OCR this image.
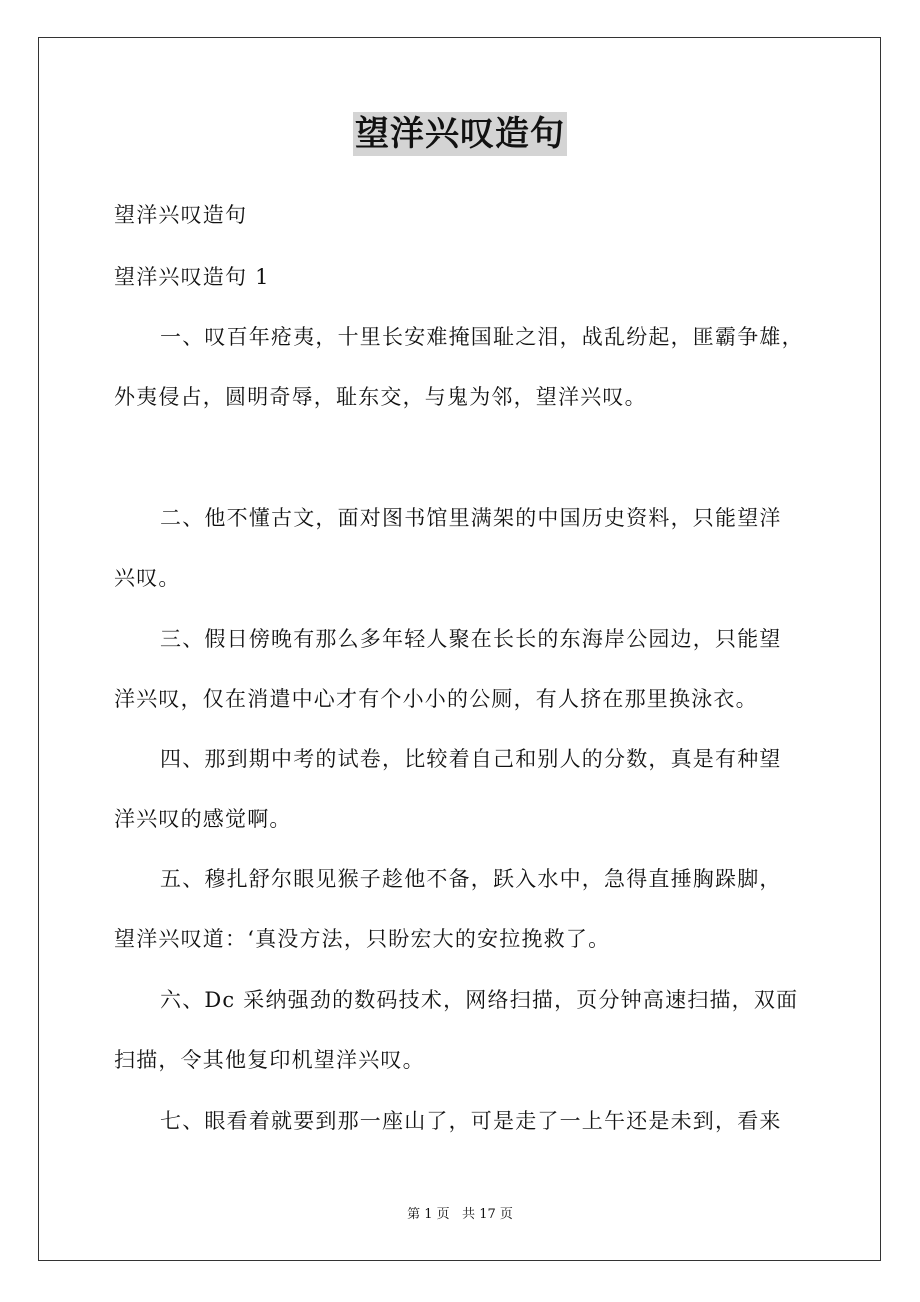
望洋兴叹造句
望洋兴叹造句
望洋兴叹造句 1
一、叹百年疮夷，十里长安难掩国耻之泪，战乱纷起，匪霸争雄，
外夷侵占，圆明奇辱，耻东交，与鬼为邻，望洋兴叹。
二、他不懂古文，面对图书馆里满架的中国历史资料，只能望洋
兴叹。
三、假日傍晚有那么多年轻人聚在长长的东海岸公园边，只能望
洋兴叹，仅在消遣中心才有个小小的公厕，有人挤在那里换泳衣。
四、那到期中考的试卷，比较着自己和别人的分数，真是有种望
洋兴叹的感觉啊。
五、穆扎舒尔眼见猴子趁他不备，跃入水中，急得直捶胸跺脚，
望洋兴叹道：‘真没方法，只盼宏大的安拉挽救了。
六、Dc 采纳强劲的数码技术，网络扫描，页分钟高速扫描，双面
扫描，令其他复印机望洋兴叹。
七、眼看着就要到那一座山了，可是走了一上午还是未到，看来
第 1 页   共 17 页
